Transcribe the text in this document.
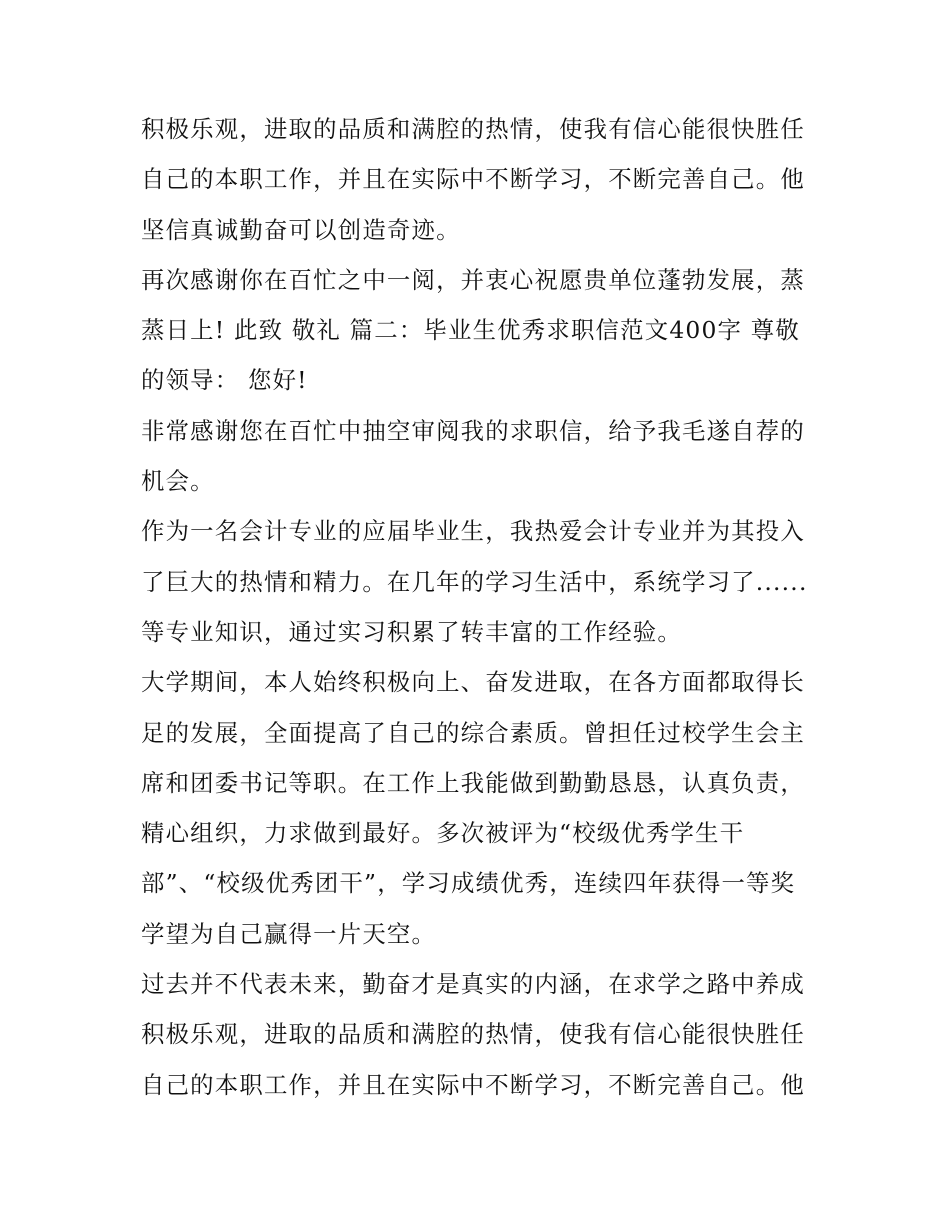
积极乐观，进取的品质和满腔的热情，使我有信心能很快胜任
自己的本职工作，并且在实际中不断学习，不断完善自己。他
坚信真诚勤奋可以创造奇迹。
再次感谢你在百忙之中一阅，并衷心祝愿贵单位蓬勃发展，蒸
蒸日上! 此致 敬礼 篇二：毕业生优秀求职信范文400字 尊敬
的领导： 您好!
非常感谢您在百忙中抽空审阅我的求职信，给予我毛遂自荐的
机会。
作为一名会计专业的应届毕业生，我热爱会计专业并为其投入
了巨大的热情和精力。在几年的学习生活中，系统学习了......
等专业知识，通过实习积累了转丰富的工作经验。
大学期间，本人始终积极向上、奋发进取，在各方面都取得长
足的发展，全面提高了自己的综合素质。曾担任过校学生会主
席和团委书记等职。在工作上我能做到勤勤恳恳，认真负责，
精心组织，力求做到最好。多次被评为“校级优秀学生干
部”、“校级优秀团干”，学习成绩优秀，连续四年获得一等奖
学望为自己赢得一片天空。
过去并不代表未来，勤奋才是真实的内涵，在求学之路中养成
积极乐观，进取的品质和满腔的热情，使我有信心能很快胜任
自己的本职工作，并且在实际中不断学习，不断完善自己。他
